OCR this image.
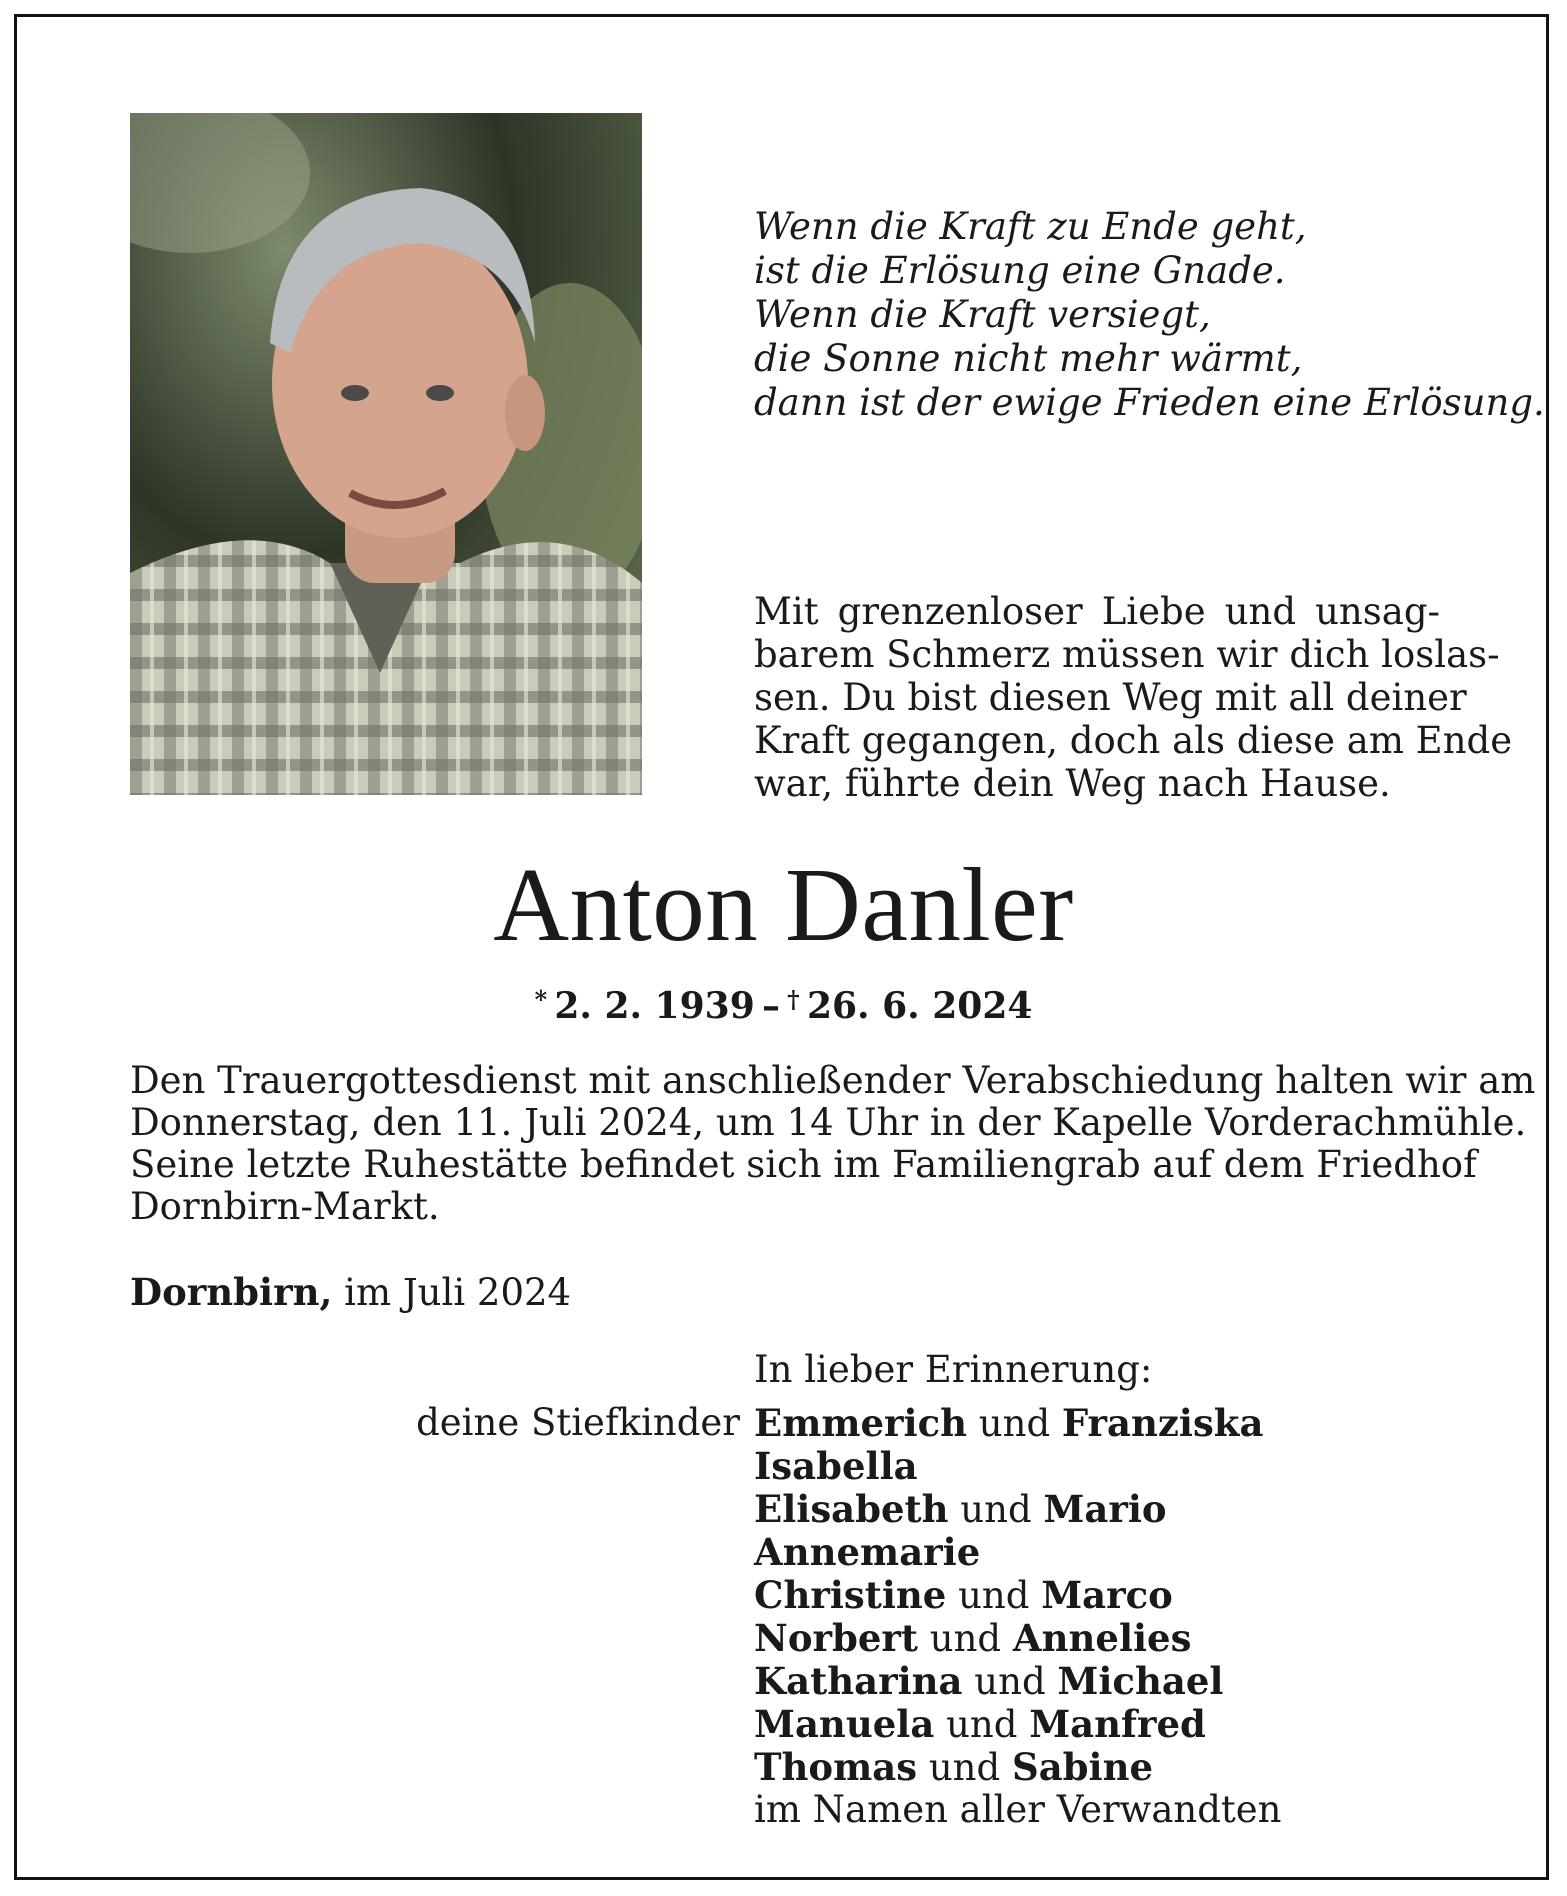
Wenn die Kraft zu Ende geht,
ist die Erlösung eine Gnade.
Wenn die Kraft versiegt,
die Sonne nicht mehr wärmt,
dann ist der ewige Frieden eine Erlösung.
Mit grenzenloser Liebe und unsag-
barem Schmerz müssen wir dich loslas-
sen. Du bist diesen Weg mit all deiner
Kraft gegangen, doch als diese am Ende
war, führte dein Weg nach Hause.
Anton Danler
*  2. 2. 1939  –  †  26. 6. 2024
Den Trauergottesdienst mit anschließender Verabschiedung halten wir am
Donnerstag, den 11. Juli 2024, um 14 Uhr in der Kapelle Vorderachmühle.
Seine letzte Ruhestätte befindet sich im Familiengrab auf dem Friedhof
Dornbirn-Markt.
Dornbirn, im Juli 2024
In lieber Erinnerung:
deine Stiefkinder Emmerich und Franziska
Isabella
Elisabeth und Mario
Annemarie
Christine und Marco
Norbert und Annelies
Katharina und Michael
Manuela und Manfred
Thomas und Sabine
im Namen aller Verwandten
